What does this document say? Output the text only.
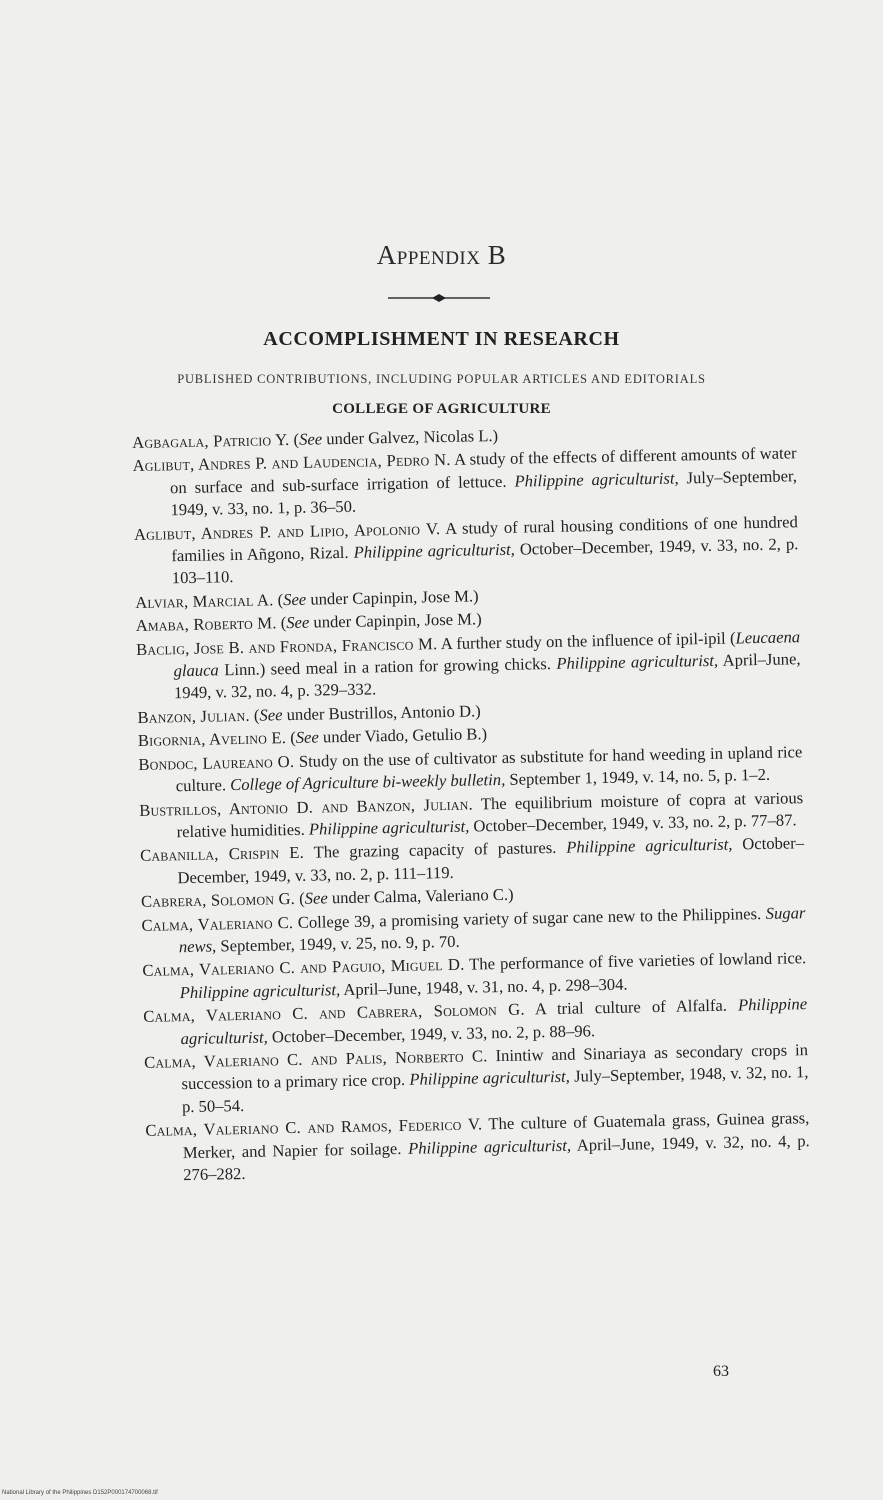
Appendix B
ACCOMPLISHMENT IN RESEARCH
PUBLISHED CONTRIBUTIONS, INCLUDING POPULAR ARTICLES AND EDITORIALS
COLLEGE OF AGRICULTURE
Agbagala, Patricio Y. (See under Galvez, Nicolas L.)
Aglibut, Andres P. and Laudencia, Pedro N. A study of the effects of different amounts of water on surface and sub-surface irrigation of lettuce. Philippine agriculturist, July–September, 1949, v. 33, no. 1, p. 36–50.
Aglibut, Andres P. and Lipio, Apolonio V. A study of rural housing conditions of one hundred families in Añgono, Rizal. Philippine agriculturist, October–December, 1949, v. 33, no. 2, p. 103–110.
Alviar, Marcial A. (See under Capinpin, Jose M.)
Amaba, Roberto M. (See under Capinpin, Jose M.)
Baclig, Jose B. and Fronda, Francisco M. A further study on the influence of ipil-ipil (Leucaena glauca Linn.) seed meal in a ration for growing chicks. Philippine agriculturist, April–June, 1949, v. 32, no. 4, p. 329–332.
Banzon, Julian. (See under Bustrillos, Antonio D.)
Bigornia, Avelino E. (See under Viado, Getulio B.)
Bondoc, Laureano O. Study on the use of cultivator as substitute for hand weeding in upland rice culture. College of Agriculture bi-weekly bulletin, September 1, 1949, v. 14, no. 5, p. 1–2.
Bustrillos, Antonio D. and Banzon, Julian. The equilibrium moisture of copra at various relative humidities. Philippine agriculturist, October–December, 1949, v. 33, no. 2, p. 77–87.
Cabanilla, Crispin E. The grazing capacity of pastures. Philippine agriculturist, October–December, 1949, v. 33, no. 2, p. 111–119.
Cabrera, Solomon G. (See under Calma, Valeriano C.)
Calma, Valeriano C. College 39, a promising variety of sugar cane new to the Philippines. Sugar news, September, 1949, v. 25, no. 9, p. 70.
Calma, Valeriano C. and Paguio, Miguel D. The performance of five varieties of lowland rice. Philippine agriculturist, April–June, 1948, v. 31, no. 4, p. 298–304.
Calma, Valeriano C. and Cabrera, Solomon G. A trial culture of Alfalfa. Philippine agriculturist, October–December, 1949, v. 33, no. 2, p. 88–96.
Calma, Valeriano C. and Palis, Norberto C. Inintiw and Sinariaya as secondary crops in succession to a primary rice crop. Philippine agriculturist, July–September, 1948, v. 32, no. 1, p. 50–54.
Calma, Valeriano C. and Ramos, Federico V. The culture of Guatemala grass, Guinea grass, Merker, and Napier for soilage. Philippine agriculturist, April–June, 1949, v. 32, no. 4, p. 276–282.
63
National Library of the Philippines D152P000174700068.tif
